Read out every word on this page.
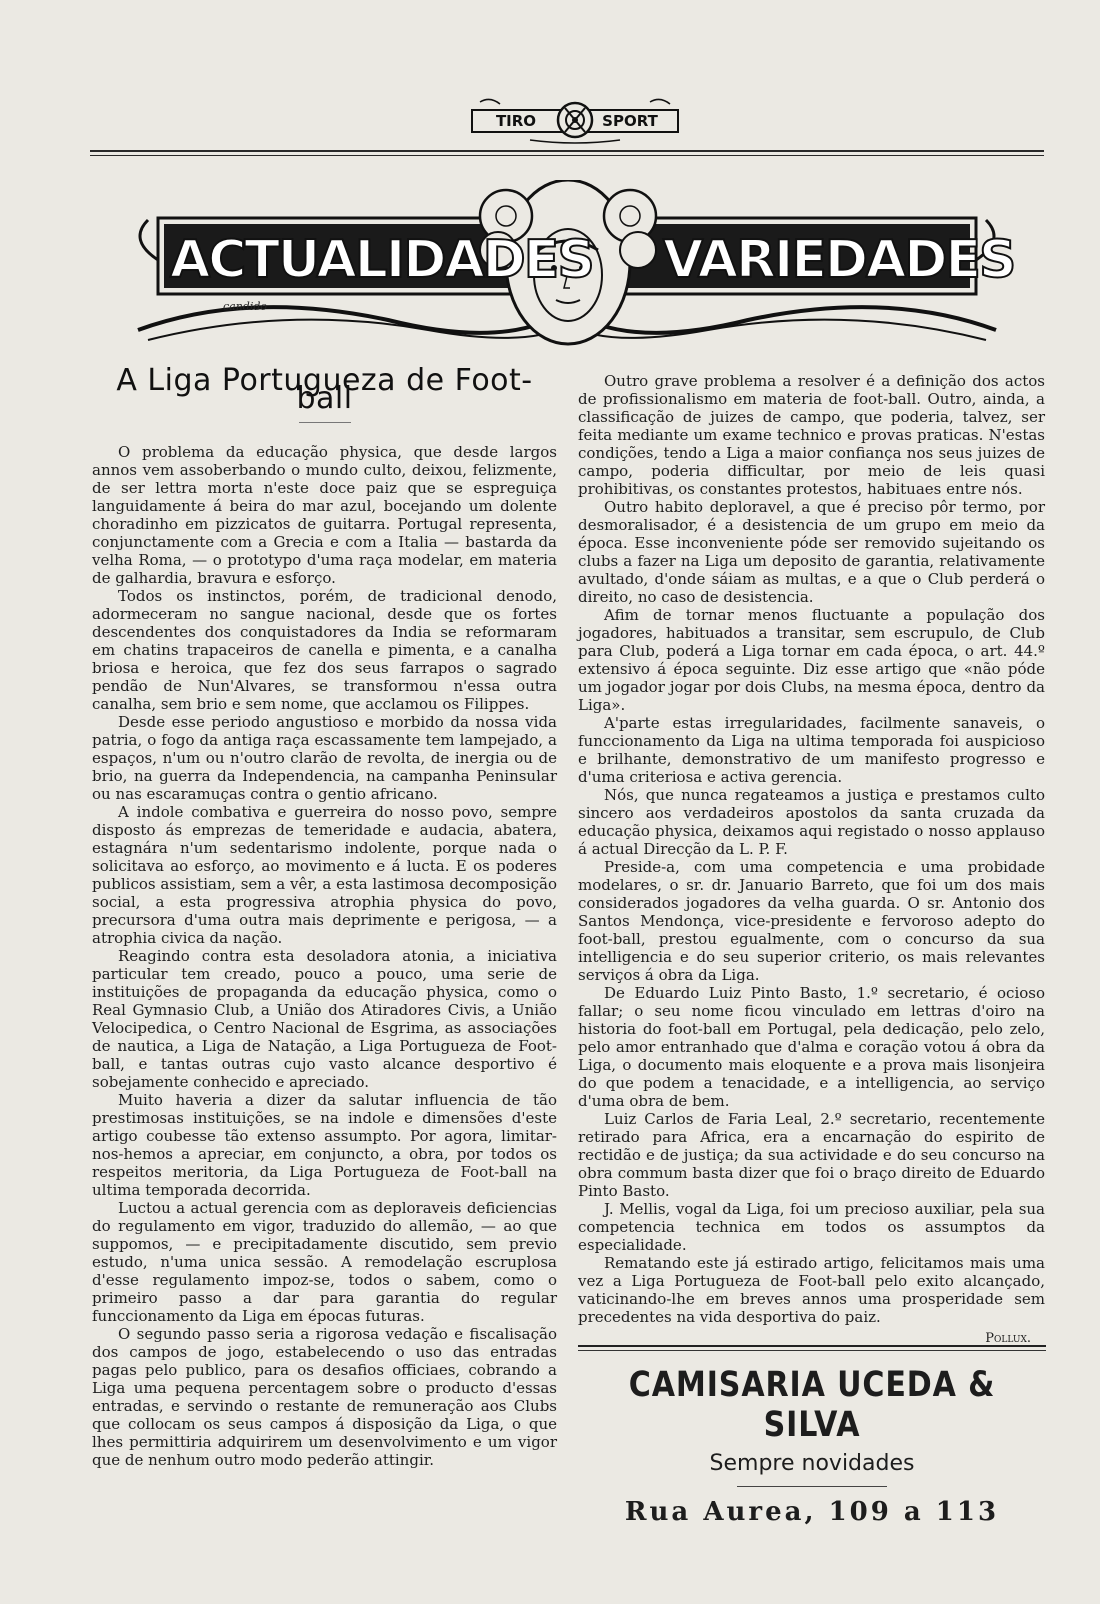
TIRO	SPORT
ACTUALIDADES VARIEDADES
candido
A Liga Portugueza de Foot-ball

O problema da educação physica, que desde largos annos vem assoberbando o mundo culto, deixou, felizmente, de ser lettra morta n'este doce paiz que se espreguiça languidamente á beira do mar azul, bocejando um dolente choradinho em pizzicatos de guitarra. Portugal representa, conjunctamente com a Grecia e com a Italia — bastarda da velha Roma, — o prototypo d'uma raça modelar, em materia de galhardia, bravura e esforço.

Todos os instinctos, porém, de tradicional denodo, adormeceram no sangue nacional, desde que os fortes descendentes dos conquistadores da India se reformaram em chatins trapaceiros de canella e pimenta, e a canalha briosa e heroica, que fez dos seus farrapos o sagrado pendão de Nun'Alvares, se transformou n'essa outra canalha, sem brio e sem nome, que acclamou os Filippes.

Desde esse periodo angustioso e morbido da nossa vida patria, o fogo da antiga raça escassamente tem lampejado, a espaços, n'um ou n'outro clarão de revolta, de inergia ou de brio, na guerra da Independencia, na campanha Peninsular ou nas escaramuças contra o gentio africano.

A indole combativa e guerreira do nosso povo, sempre disposto ás emprezas de temeridade e audacia, abatera, estagnára n'um sedentarismo indolente, porque nada o solicitava ao esforço, ao movimento e á lucta. E os poderes publicos assistiam, sem a vêr, a esta lastimosa decomposição social, a esta progressiva atrophia physica do povo, precursora d'uma outra mais deprimente e perigosa, — a atrophia civica da nação.

Reagindo contra esta desoladora atonia, a iniciativa particular tem creado, pouco a pouco, uma serie de instituições de propaganda da educação physica, como o Real Gymnasio Club, a União dos Atiradores Civis, a União Velocipedica, o Centro Nacional de Esgrima, as associações de nautica, a Liga de Natação, a Liga Portugueza de Foot-ball, e tantas outras cujo vasto alcance desportivo é sobejamente conhecido e apreciado.

Muito haveria a dizer da salutar influencia de tão prestimosas instituições, se na indole e dimensões d'este artigo coubesse tão extenso assumpto. Por agora, limitar-nos-hemos a apreciar, em conjuncto, a obra, por todos os respeitos meritoria, da Liga Portugueza de Foot-ball na ultima temporada decorrida.

Luctou a actual gerencia com as deploraveis deficiencias do regulamento em vigor, traduzido do allemão, — ao que suppomos, — e precipitadamente discutido, sem previo estudo, n'uma unica sessão. A remodelação escruplosa d'esse regulamento impoz-se, todos o sabem, como o primeiro passo a dar para garantia do regular funccionamento da Liga em épocas futuras.

O segundo passo seria a rigorosa vedação e fiscalisação dos campos de jogo, estabelecendo o uso das entradas pagas pelo publico, para os desafios officiaes, cobrando a Liga uma pequena percentagem sobre o producto d'essas entradas, e servindo o restante de remuneração aos Clubs que collocam os seus campos á disposição da Liga, o que lhes permittiria adquirirem um desenvolvimento e um vigor que de nenhum outro modo pederão attingir.

Outro grave problema a resolver é a definição dos actos de profissionalismo em materia de foot-ball. Outro, ainda, a classificação de juizes de campo, que poderia, talvez, ser feita mediante um exame technico e provas praticas. N'estas condições, tendo a Liga a maior confiança nos seus juizes de campo, poderia difficultar, por meio de leis quasi prohibitivas, os constantes protestos, habituaes entre nós.

Outro habito deploravel, a que é preciso pôr termo, por desmoralisador, é a desistencia de um grupo em meio da época. Esse inconveniente póde ser removido sujeitando os clubs a fazer na Liga um deposito de garantia, relativamente avultado, d'onde sáiam as multas, e a que o Club perderá o direito, no caso de desistencia.

Afim de tornar menos fluctuante a população dos jogadores, habituados a transitar, sem escrupulo, de Club para Club, poderá a Liga tornar em cada época, o art. 44.º extensivo á época seguinte. Diz esse artigo que «não póde um jogador jogar por dois Clubs, na mesma época, dentro da Liga».

A'parte estas irregularidades, facilmente sanaveis, o funccionamento da Liga na ultima temporada foi auspicioso e brilhante, demonstrativo de um manifesto progresso e d'uma criteriosa e activa gerencia.

Nós, que nunca regateamos a justiça e prestamos culto sincero aos verdadeiros apostolos da santa cruzada da educação physica, deixamos aqui registado o nosso applauso á actual Direcção da L. P. F.

Preside-a, com uma competencia e uma probidade modelares, o sr. dr. Januario Barreto, que foi um dos mais considerados jogadores da velha guarda. O sr. Antonio dos Santos Mendonça, vice-presidente e fervoroso adepto do foot-ball, prestou egualmente, com o concurso da sua intelligencia e do seu superior criterio, os mais relevantes serviços á obra da Liga.

De Eduardo Luiz Pinto Basto, 1.º secretario, é ocioso fallar; o seu nome ficou vinculado em lettras d'oiro na historia do foot-ball em Portugal, pela dedicação, pelo zelo, pelo amor entranhado que d'alma e coração votou á obra da Liga, o documento mais eloquente e a prova mais lisonjeira do que podem a tenacidade, e a intelligencia, ao serviço d'uma obra de bem.

Luiz Carlos de Faria Leal, 2.º secretario, recentemente retirado para Africa, era a encarnação do espirito de rectidão e de justiça; da sua actividade e do seu concurso na obra commum basta dizer que foi o braço direito de Eduardo Pinto Basto.

J. Mellis, vogal da Liga, foi um precioso auxiliar, pela sua competencia technica em todos os assumptos da especialidade.

Rematando este já estirado artigo, felicitamos mais uma vez a Liga Portugueza de Foot-ball pelo exito alcançado, vaticinando-lhe em breves annos uma prosperidade sem precedentes na vida desportiva do paiz.

Pollux.
CAMISARIA UCEDA & SILVA
Sempre novidades
Rua Aurea, 109 a 113
